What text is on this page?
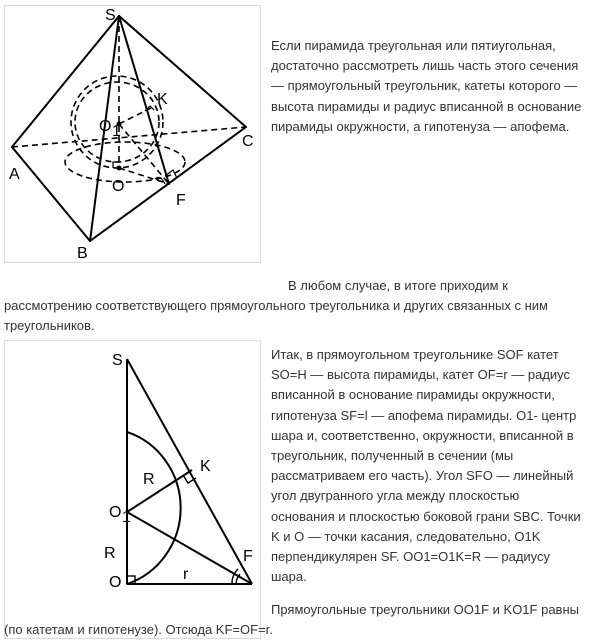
S
A
B
C
K
O 1
O
F

Если пирамида треугольная или пятиугольная, достаточно рассмотреть лишь часть этого сечения — прямоугольный треугольник, катеты которого — высота пирамиды и радиус вписанной в основание пирамиды окружности, а гипотенуза — апофема.

В любом случае, в итоге приходим к рассмотрению соответствующего прямоугольного треугольника и других связанных с ним треугольников.

S
K
R
O 1
R
O	r
F

Итак, в прямоугольном треугольнике SOF катет SO=H — высота пирамиды, катет OF=r — радиус вписанной в основание пирамиды окружности, гипотенуза SF=l — апофема пирамиды. O1- центр шара и, соответственно, окружности, вписанной в треугольник, полученный в сечении (мы рассматриваем его часть). Угол SFO — линейный угол двугранного угла между плоскостью основания и плоскостью боковой грани SBC. Точки K и O — точки касания, следовательно, O1K перпендикулярен SF. OO1=O1K=R — радиусу шара.

Прямоугольные треугольники OO1F и KO1F равны (по катетам и гипотенузе). Отсюда KF=OF=r.
